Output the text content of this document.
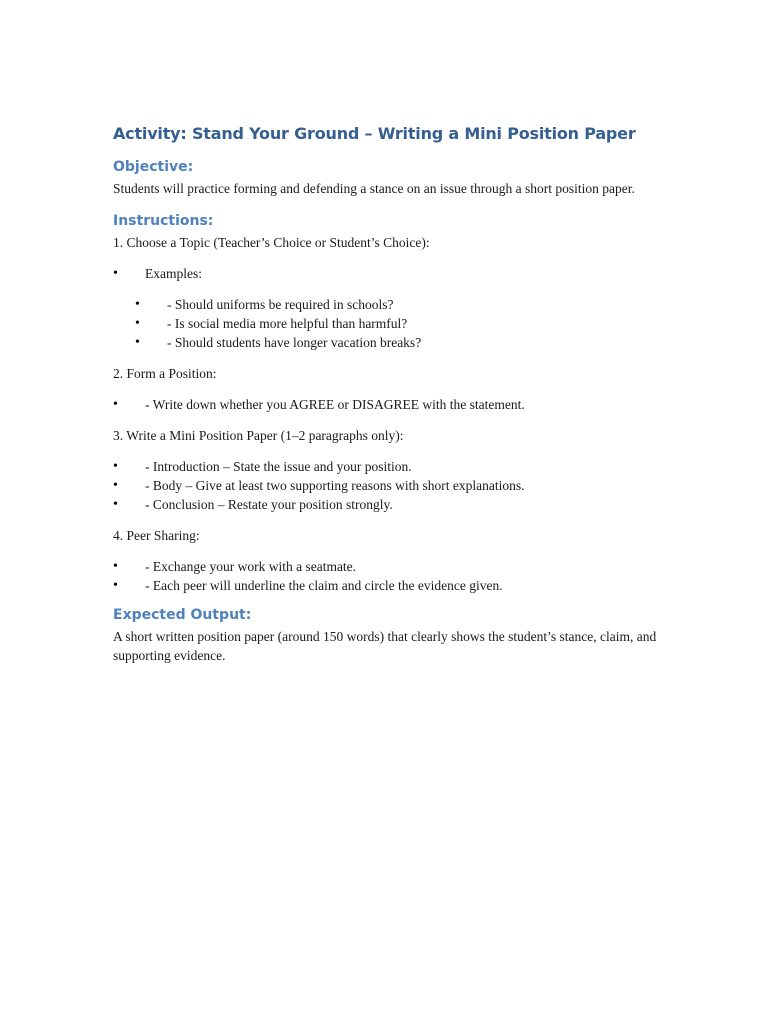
Activity: Stand Your Ground – Writing a Mini Position Paper
Objective:
Students will practice forming and defending a stance on an issue through a short position paper.
Instructions:
1. Choose a Topic (Teacher’s Choice or Student’s Choice):
• Examples:
• - Should uniforms be required in schools?
• - Is social media more helpful than harmful?
• - Should students have longer vacation breaks?
2. Form a Position:
• - Write down whether you AGREE or DISAGREE with the statement.
3. Write a Mini Position Paper (1–2 paragraphs only):
• - Introduction – State the issue and your position.
• - Body – Give at least two supporting reasons with short explanations.
• - Conclusion – Restate your position strongly.
4. Peer Sharing:
• - Exchange your work with a seatmate.
• - Each peer will underline the claim and circle the evidence given.
Expected Output:
A short written position paper (around 150 words) that clearly shows the student’s stance, claim, and supporting evidence.
